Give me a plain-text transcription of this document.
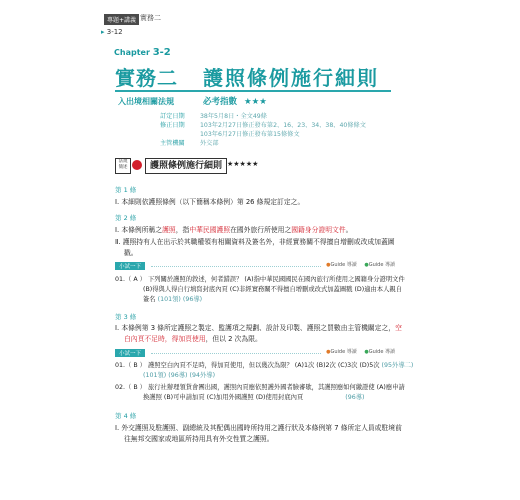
專題+講義 實務二
▸ 3-12
Chapter 3-2
實務二 護照條例施行細則
入出境相關法規	必考指數 ★★★
訂定日期 38年5月8日・全文49條
修正日期 103年2月27日修正發布第2、16、23、34、38、40條條文
103年6月27日修正發布第15條條文
主管機關 外交部
法規
簡述	護照條例施行細則 ★★★★★
第 1 條
Ⅰ. 本細則依護照條例（以下簡稱本條例）第 26 條規定訂定之。
第 2 條
Ⅰ. 本條例所稱之護照，指中華民國護照在國外旅行所使用之國籍身分證明文件。
Ⅱ. 護照持有人在出示於其職權領有相關資料及簽名外，非經實務關不得擅自增刪或改成加蓋圖
戳。
小試一下	●Guide 導讀 ●Guide 導讀
01.（ A ） 下列關於護照的敘述，何者錯誤？ (A)指中華民國國民在國內旅行所使用之國籍身分證明文件
(B)得與人得自行填寫封底內頁 (C)非經實務關不得擅自增刪或改式加蓋圖戳 (D)適由本人親自
簽名 (101領) (96導)
第 3 條
Ⅰ. 本條例第 3 條所定護照之製定、監護項之規劃、設計及印製、護照之買數由主管機關定之，空
白內頁不足時，得加頁使用，但以 2 次為限。
小試一下	●Guide 導讀 ●Guide 導讀
01.（ B ） 護照空白內頁不足時，得加頁使用，但以幾次為限？ (A)1次 (B)2次 (C)3次 (D)5次 (95外導二)
(101領) (96導) (94外導)
02.（ B ） 旅行社辦理領貨會團出國，護照內頁應依照護外國者臉審歇，其護照應如何繳證使 (A)應申請
換護照 (B)可申請加頁 (C)加用外國護照 (D)使用封底內頁	(96導)
第 4 條
Ⅰ. 外交護照及駐護照、副總統及其配偶出國時所持用之護行狀及本條例第 7 條所定人員或駐境前
往無邦交國家或地區所持用具有外交性質之護照。
